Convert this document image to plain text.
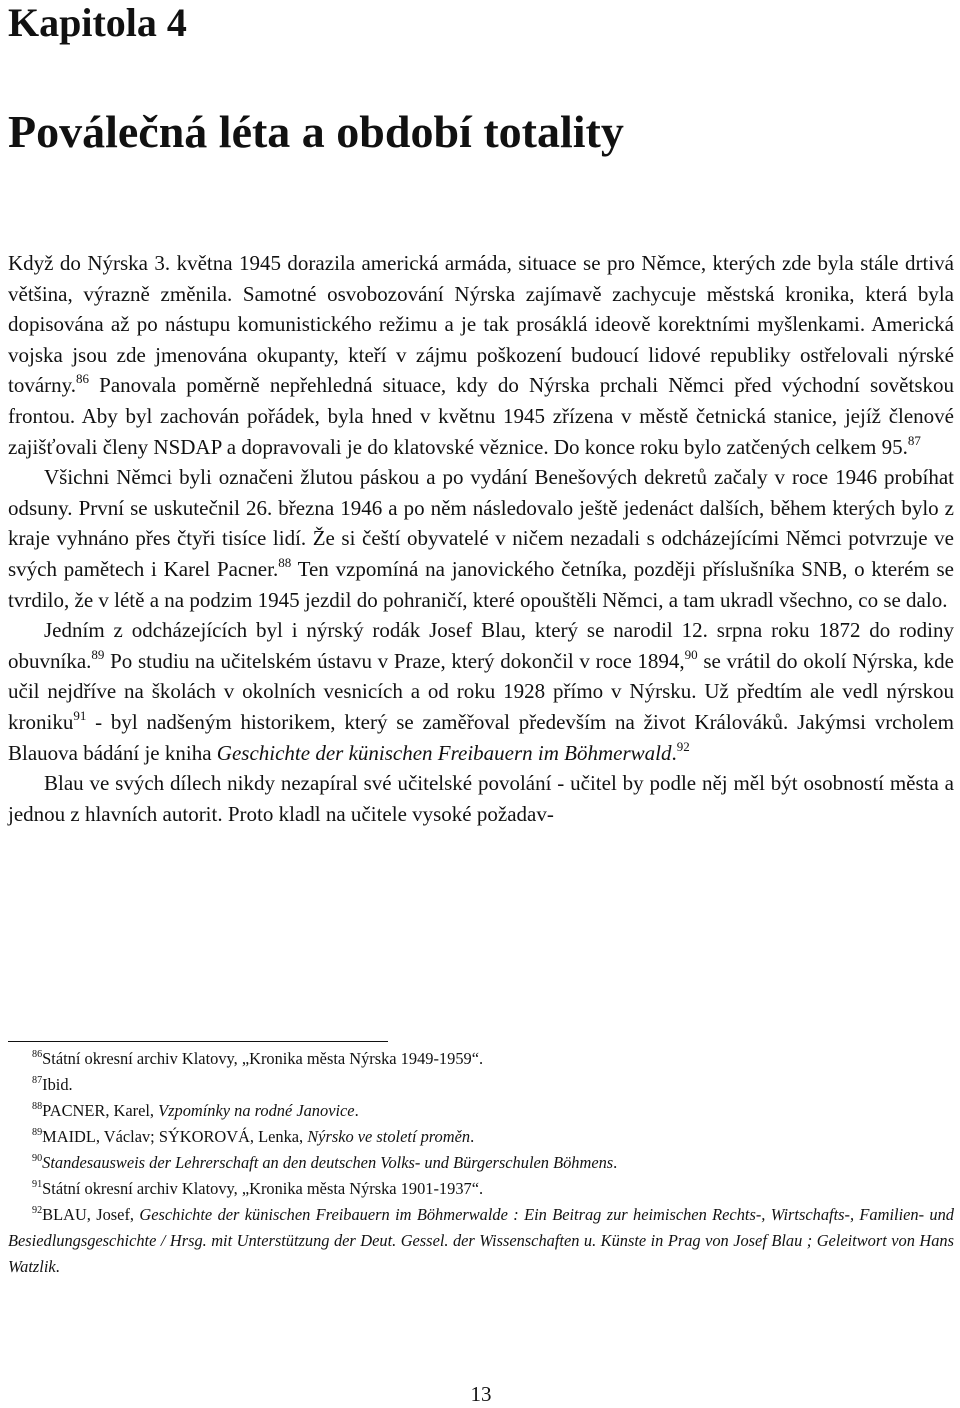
Kapitola 4
Poválečná léta a období totality

Když do Nýrska 3. května 1945 dorazila americká armáda, situace se pro Němce, kterých zde byla stále drtivá většina, výrazně změnila. Samotné osvobozování Nýrska zajímavě zachycuje městská kronika, která byla dopisována až po nástupu komunistického režimu a je tak prosáklá ideově korektními myšlenkami. Americká vojska jsou zde jmenována okupanty, kteří v zájmu poškození budoucí lidové republiky ostřelovali nýrské továrny.$^{86}$ Panovala poměrně nepřehledná situace, kdy do Nýrska prchali Němci před východní sovětskou frontou. Aby byl zachován pořádek, byla hned v květnu 1945 zřízena v městě četnická stanice, jejíž členové zajišťovali členy NSDAP a dopravovali je do klatovské věznice. Do konce roku bylo zatčených celkem 95.87

Všichni Němci byli označeni žlutou páskou a po vydání Benešových dekretů začaly v roce 1946 probíhat odsuny. První se uskutečnil 26. března 1946 a po něm následovalo ještě jedenáct dalších, během kterých bylo z kraje vyhnáno přes čtyři tisíce lidí. Že si čeští obyvatelé v ničem nezadali s odcházejícími Němci potvrzuje ve svých pamětech i Karel Pacner.$^{88}$ Ten vzpomíná na janovického četníka, později příslušníka SNB, o kterém se tvrdilo, že v létě a na podzim 1945 jezdil do pohraničí, které opouštěli Němci, a tam ukradl všechno, co se dalo.

Jedním z odcházejících byl i nýrský rodák Josef Blau, který se narodil 12. srpna roku 1872 do rodiny obuvníka.$^{89}$ Po studiu na učitelském ústavu v Praze, který dokončil v roce 1894,90 se vrátil do okolí Nýrska, kde učil nejdříve na školách v okolních vesnicích a od roku 1928 přímo v Nýrsku. Už předtím ale vedl nýrskou kroniku$^{91}$ - byl nadšeným historikem, který se zaměřoval především na život Králováků. Jakýmsi vrcholem Blauova bádání je kniha Geschichte der künischen Freibauern im Böhmerwald.$^{92}$

Blau ve svých dílech nikdy nezapíral své učitelské povolání - učitel by podle něj měl být osobností města a jednou z hlavních autorit. Proto kladl na učitele vysoké požadav-

$^{86}$Státní okresní archiv Klatovy, „Kronika města Nýrska 1949-1959“.

$^{87}$Ibid.

$^{88}$PACNER, Karel, Vzpomínky na rodné Janovice.

$^{89}$MAIDL, Václav; SÝKOROVÁ, Lenka, Nýrsko ve století proměn.

$^{90}$Standesausweis der Lehrerschaft an den deutschen Volks- und Bürgerschulen Böhmens.

$^{91}$Státní okresní archiv Klatovy, „Kronika města Nýrska 1901-1937“.

$^{92}$BLAU, Josef, Geschichte der künischen Freibauern im Böhmerwalde : Ein Beitrag zur heimischen Rechts-, Wirtschafts-, Familien- und Besiedlungsgeschichte / Hrsg. mit Unterstützung der Deut. Gessel. der Wissenschaften u. Künste in Prag von Josef Blau ; Geleitwort von Hans Watzlik.

13
